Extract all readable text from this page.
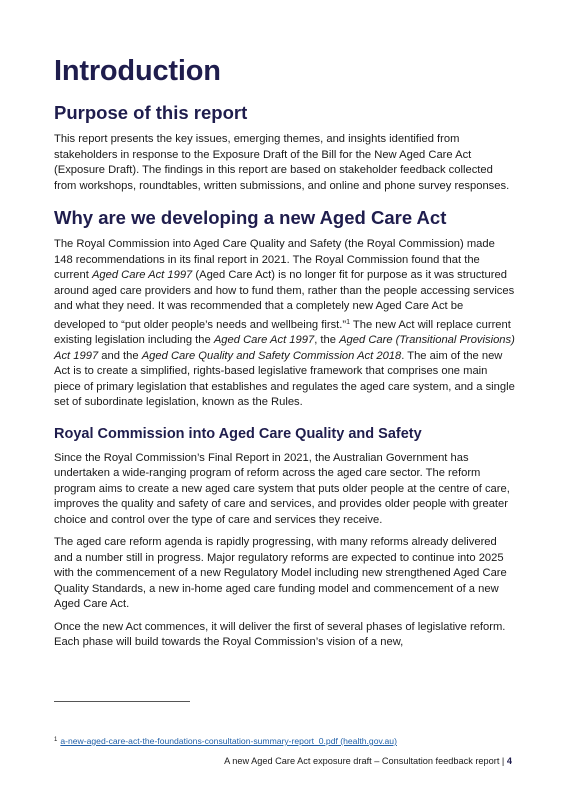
Introduction
Purpose of this report

This report presents the key issues, emerging themes, and insights identified from stakeholders in response to the Exposure Draft of the Bill for the New Aged Care Act (Exposure Draft). The findings in this report are based on stakeholder feedback collected from workshops, roundtables, written submissions, and online and phone survey responses.

Why are we developing a new Aged Care Act

The Royal Commission into Aged Care Quality and Safety (the Royal Commission) made 148 recommendations in its final report in 2021. The Royal Commission found that the current Aged Care Act 1997 (Aged Care Act) is no longer fit for purpose as it was structured around aged care providers and how to fund them, rather than the people accessing services and what they need. It was recommended that a completely new Aged Care Act be developed to “put older people’s needs and wellbeing first.”$^1$ The new Act will replace current existing legislation including the Aged Care Act 1997, the Aged Care (Transitional Provisions) Act 1997 and the Aged Care Quality and Safety Commission Act 2018. The aim of the new Act is to create a simplified, rights-based legislative framework that comprises one main piece of primary legislation that establishes and regulates the aged care system, and a single set of subordinate legislation, known as the Rules.

Royal Commission into Aged Care Quality and Safety

Since the Royal Commission’s Final Report in 2021, the Australian Government has undertaken a wide-ranging program of reform across the aged care sector. The reform program aims to create a new aged care system that puts older people at the centre of care, improves the quality and safety of care and services, and provides older people with greater choice and control over the type of care and services they receive.

The aged care reform agenda is rapidly progressing, with many reforms already delivered and a number still in progress. Major regulatory reforms are expected to continue into 2025 with the commencement of a new Regulatory Model including new strengthened Aged Care Quality Standards, a new in-home aged care funding model and commencement of a new Aged Care Act.

Once the new Act commences, it will deliver the first of several phases of legislative reform. Each phase will build towards the Royal Commission’s vision of a new,

$^1$ a-new-aged-care-act-the-foundations-consultation-summary-report_0.pdf (health.gov.au)
A new Aged Care Act exposure draft – Consultation feedback report | 4
